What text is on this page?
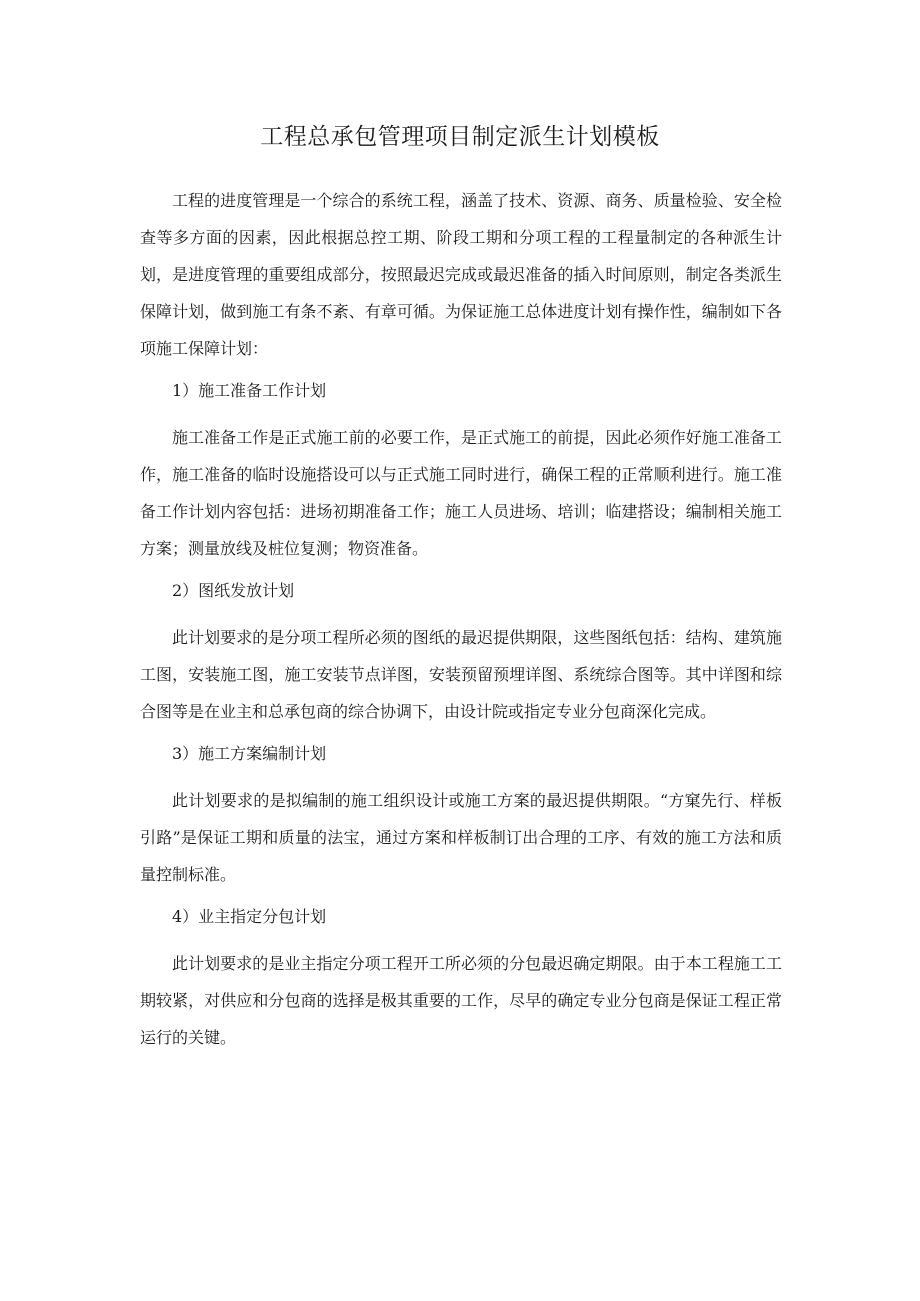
工程总承包管理项目制定派生计划模板

工程的进度管理是一个综合的系统工程，涵盖了技术、资源、商务、质量检验、安全检查等多方面的因素，因此根据总控工期、阶段工期和分项工程的工程量制定的各种派生计划，是进度管理的重要组成部分，按照最迟完成或最迟准备的插入时间原则，制定各类派生保障计划，做到施工有条不紊、有章可循。为保证施工总体进度计划有操作性，编制如下各项施工保障计划：

1）施工准备工作计划

施工准备工作是正式施工前的必要工作，是正式施工的前提，因此必须作好施工准备工作，施工准备的临时设施搭设可以与正式施工同时进行，确保工程的正常顺利进行。施工准备工作计划内容包括：进场初期准备工作；施工人员进场、培训；临建搭设；编制相关施工方案；测量放线及桩位复测；物资准备。

2）图纸发放计划

此计划要求的是分项工程所必须的图纸的最迟提供期限，这些图纸包括：结构、建筑施工图，安装施工图，施工安装节点详图，安装预留预埋详图、系统综合图等。其中详图和综合图等是在业主和总承包商的综合协调下，由设计院或指定专业分包商深化完成。

3）施工方案编制计划

此计划要求的是拟编制的施工组织设计或施工方案的最迟提供期限。“方窠先行、样板引路”是保证工期和质量的法宝，通过方案和样板制订出合理的工序、有效的施工方法和质量控制标准。

4）业主指定分包计划

此计划要求的是业主指定分项工程开工所必须的分包最迟确定期限。由于本工程施工工期较紧，对供应和分包商的选择是极其重要的工作，尽早的确定专业分包商是保证工程正常运行的关键。
